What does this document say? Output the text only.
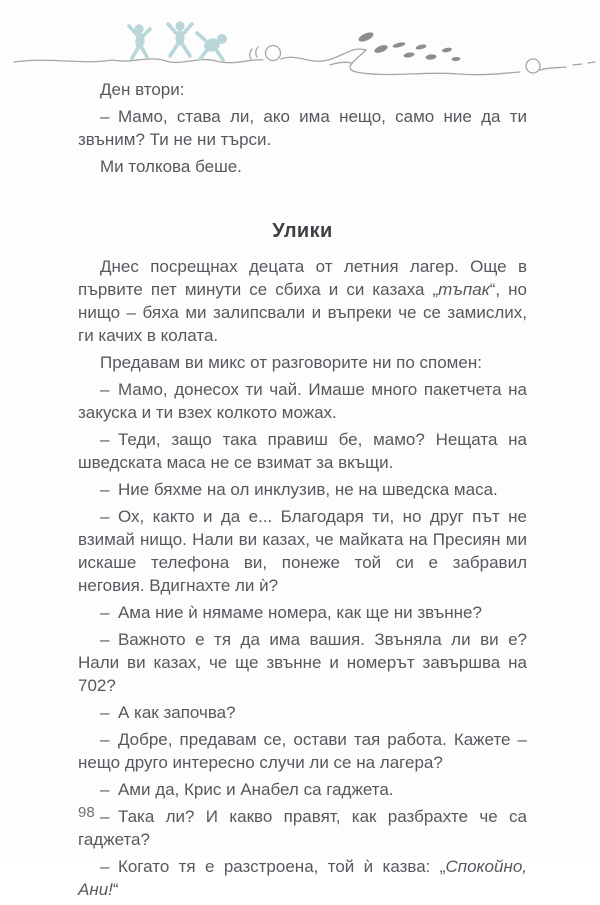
Ден втори:

– Мамо, става ли, ако има нещо, само ние да ти звъним? Ти не ни търси.

Ми толкова беше.

Улики

Днес посрещнах децата от летния лагер. Още в първите пет минути се сбиха и си казаха „тъпак“, но нищо – бяха ми залипсвали и въпреки че се замислих, ги качих в колата.

Предавам ви микс от разговорите ни по спомен:

– Мамо, донесох ти чай. Имаше много пакетчета на закуска и ти взех колкото можах.

– Теди, защо така правиш бе, мамо? Нещата на шведската маса не се взимат за вкъщи.

– Ние бяхме на ол инклузив, не на шведска маса.

– Ох, както и да е... Благодаря ти, но друг път не взимай нищо. Нали ви казах, че майката на Пресиян ми искаше телефона ви, понеже той си е забравил неговия. Вдигнахте ли ѝ?

– Ама ние ѝ нямаме номера, как ще ни звънне?

– Важното е тя да има вашия. Звъняла ли ви е? Нали ви казах, че ще звънне и номерът завършва на 702?

– А как започва?

– Добре, предавам се, остави тая работа. Кажете – нещо друго интересно случи ли се на лагера?

– Ами да, Крис и Анабел са гаджета.

– Така ли? И какво правят, как разбрахте че са гаджета?

– Когато тя е разстроена, той ѝ казва: „Спокойно, Ани!“

98
